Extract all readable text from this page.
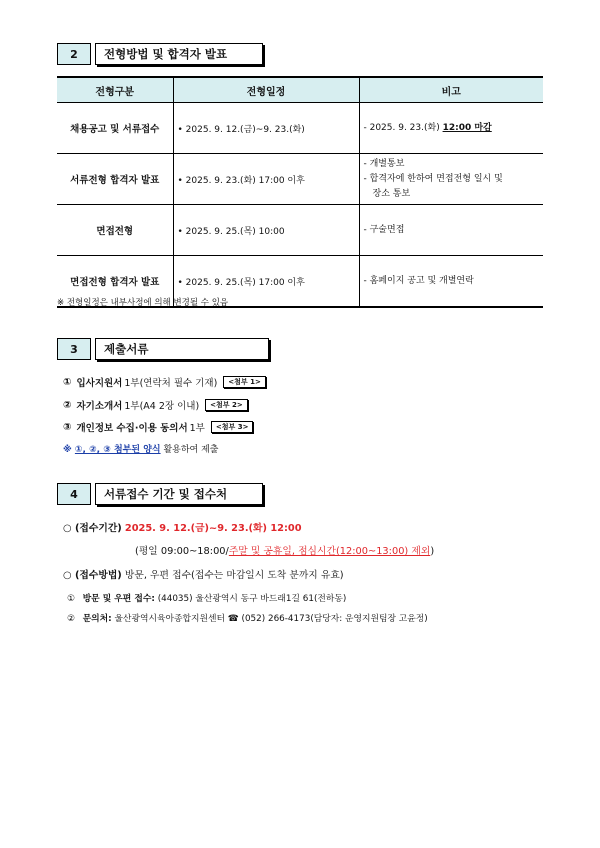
2	전형방법 및 합격자 발표
전형구분	전형일정	비고
채용공고 및 서류접수	• 2025. 9. 12.(금)~9. 23.(화)	- 2025. 9. 23.(화) 12:00 마감
서류전형 합격자 발표	• 2025. 9. 23.(화) 17:00 이후	- 개별통보
- 합격자에 한하여 면접전형 일시 및
장소 통보

면접전형	• 2025. 9. 25.(목) 10:00	- 구술면접
면접전형 합격자 발표	• 2025. 9. 25.(목) 17:00 이후	- 홈페이지 공고 및 개별연락
※ 전형일정은 내부사정에 의해 변경될 수 있음
3	제출서류
① 입사지원서 1부(연락처 필수 기재)	<첨부 1>
② 자기소개서 1부(A4 2장 이내)	<첨부 2>
③ 개인정보 수집·이용 동의서 1부	<첨부 3>
※ ①, ②, ③ 첨부된 양식 활용하여 제출
4	서류접수 기간 및 접수처
○ (접수기간) 2025. 9. 12.(금)~9. 23.(화) 12:00
(평일 09:00~18:00/주말 및 공휴일, 점심시간(12:00~13:00) 제외)
○ (접수방법) 방문, 우편 접수(접수는 마감일시 도착 분까지 유효)
① 방문 및 우편 접수: (44035) 울산광역시 동구 바드래1길 61(전하동)
② 문의처: 울산광역시육아종합지원센터 ☎ (052) 266-4173(담당자: 운영지원팀장 고윤정)
